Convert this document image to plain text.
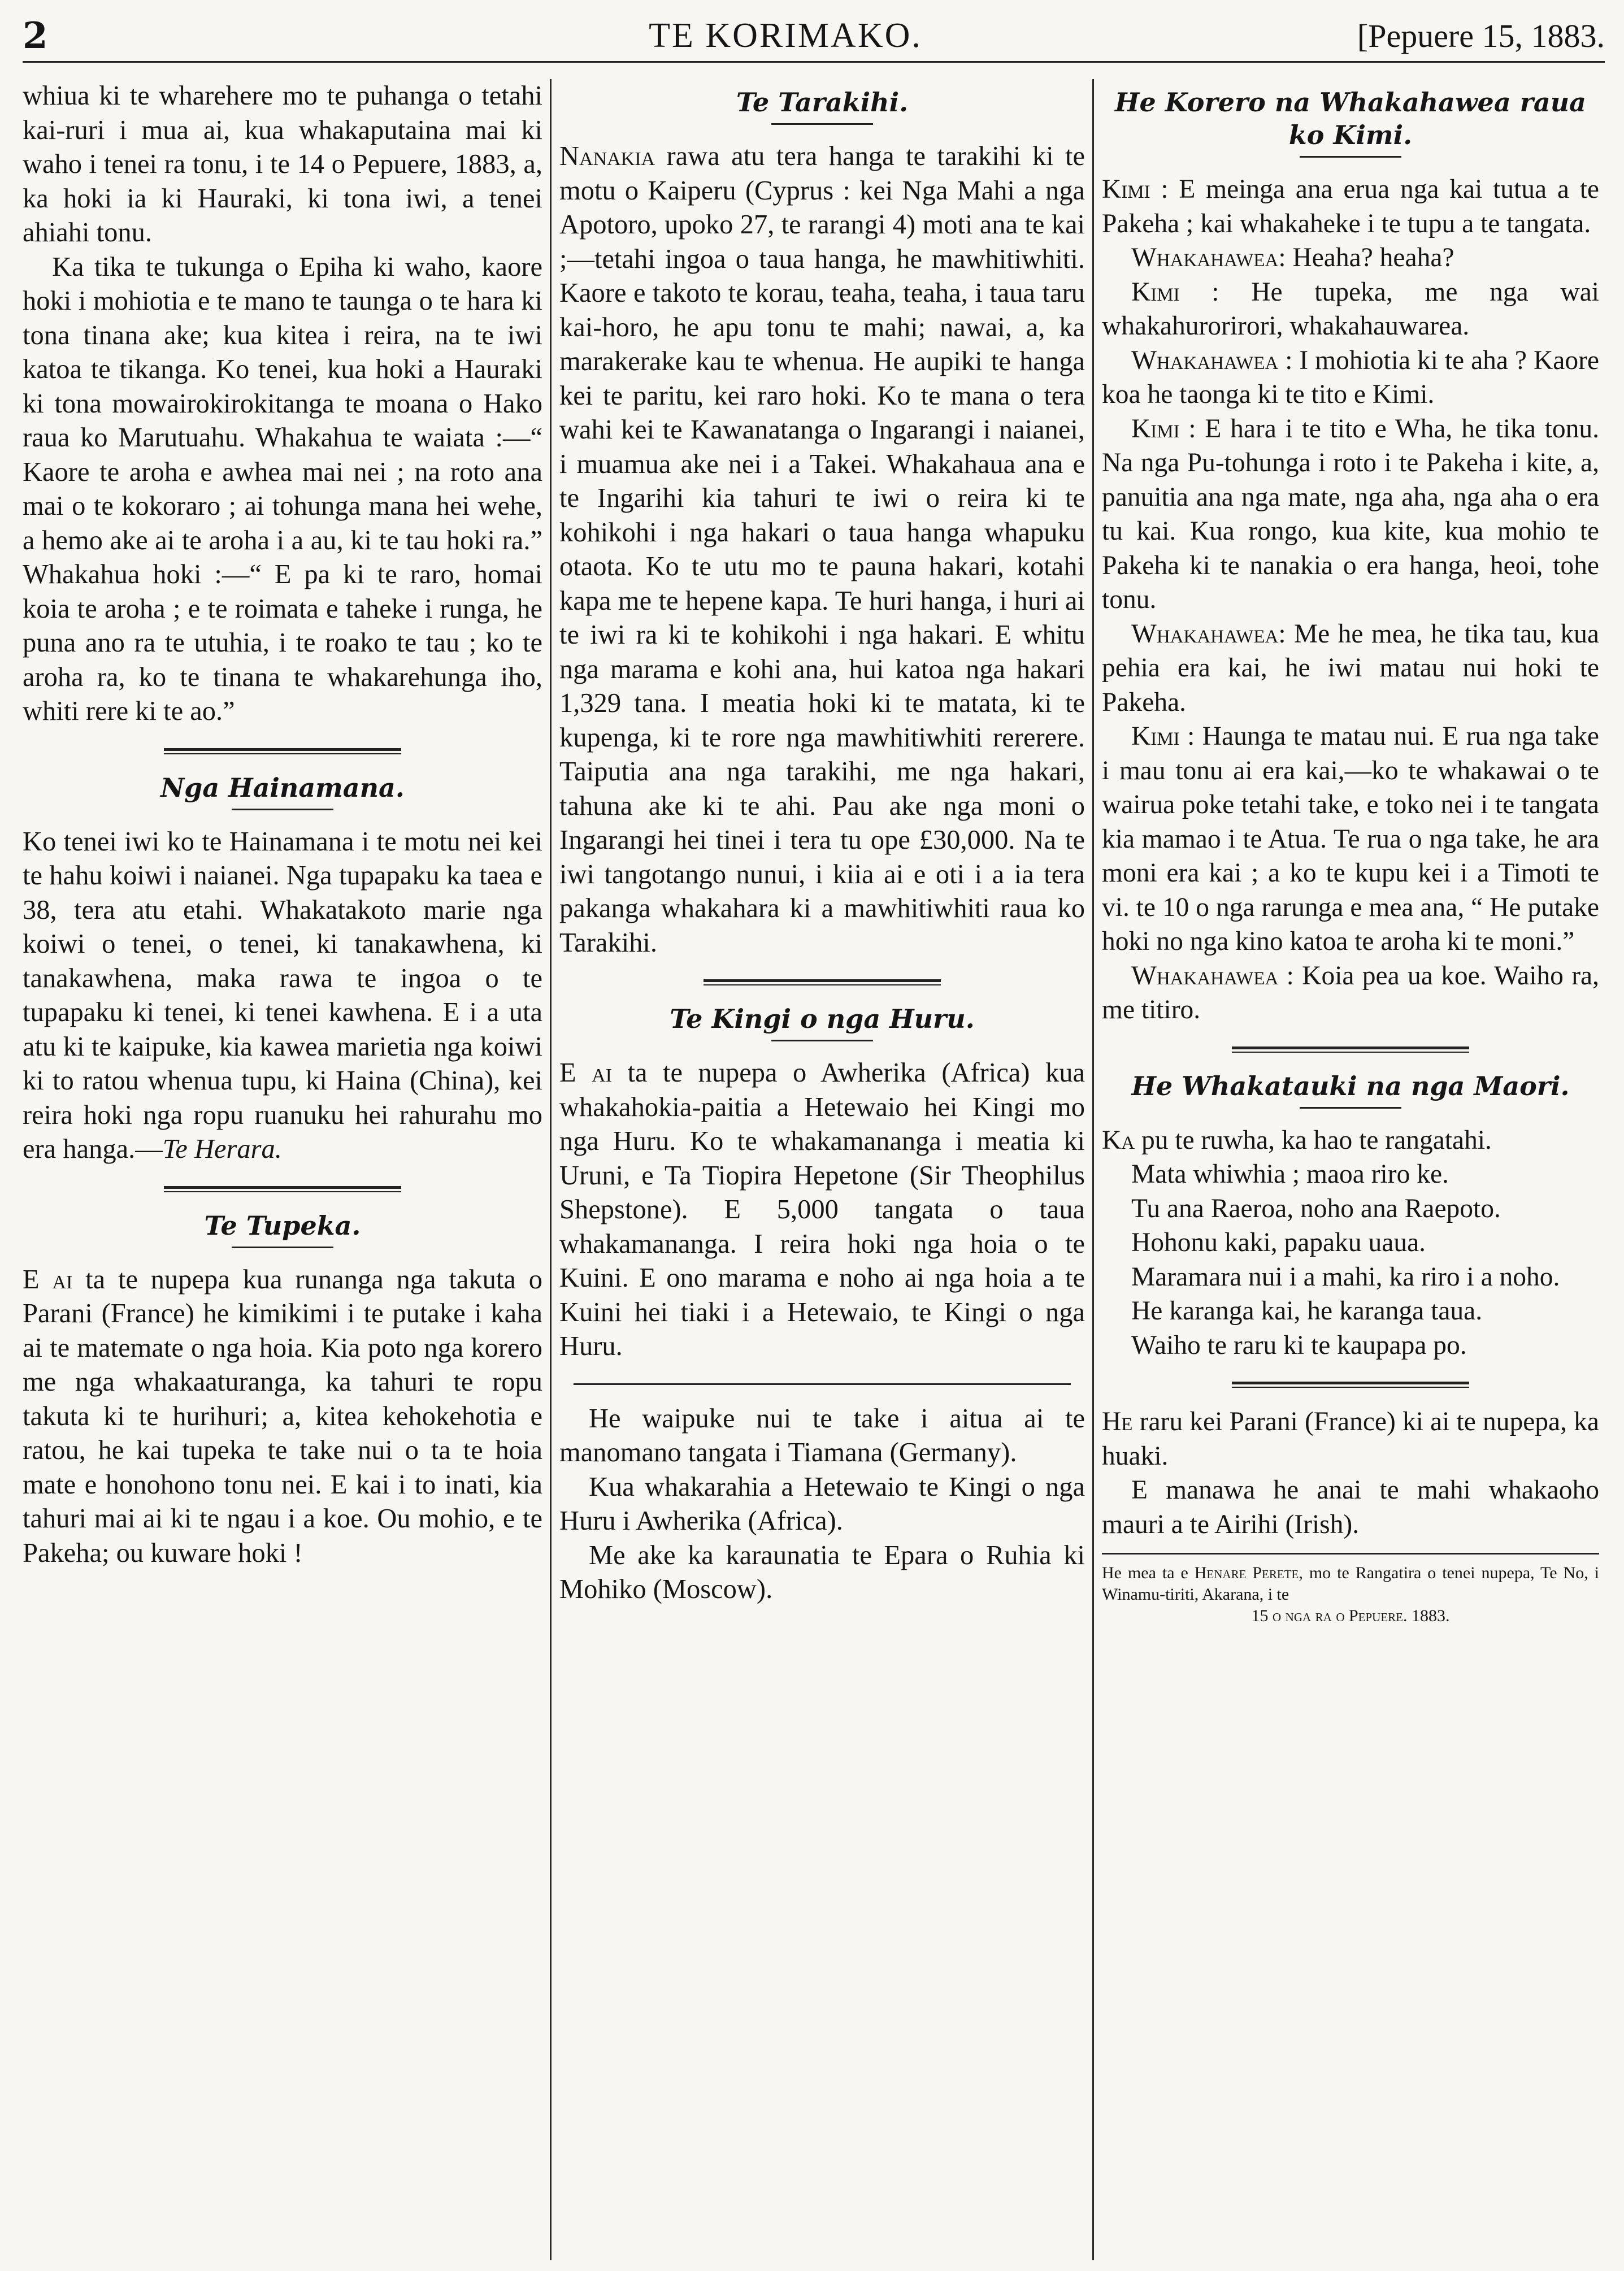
2	TE KORIMAKO.	[Pepuere 15, 1883.

whiua ki te wharehere mo te puhanga o tetahi kai-ruri i mua ai, kua whakaputaina mai ki waho i tenei ra tonu, i te 14 o Pepuere, 1883, a, ka hoki ia ki Hauraki, ki tona iwi, a tenei ahiahi tonu.

Ka tika te tukunga o Epiha ki waho, kaore hoki i mohiotia e te mano te taunga o te hara ki tona tinana ake; kua kitea i reira, na te iwi katoa te tikanga. Ko tenei, kua hoki a Hauraki ki tona mowairokirokitanga te moana o Hako raua ko Marutuahu. Whakahua te waiata :—“ Kaore te aroha e awhea mai nei ; na roto ana mai o te kokoraro ; ai tohunga mana hei wehe, a hemo ake ai te aroha i a au, ki te tau hoki ra.” Whakahua hoki :—“ E pa ki te raro, homai koia te aroha ; e te roimata e taheke i runga, he puna ano ra te utuhia, i te roako te tau ; ko te aroha ra, ko te tinana te whakarehunga iho, whiti rere ki te ao.”

Nga Hainamana.

Ko tenei iwi ko te Hainamana i te motu nei kei te hahu koiwi i naianei. Nga tupapaku ka taea e 38, tera atu etahi. Whakatakoto marie nga koiwi o tenei, o tenei, ki tanakawhena, ki tanakawhena, maka rawa te ingoa o te tupapaku ki tenei, ki tenei kawhena. E i a uta atu ki te kaipuke, kia kawea marietia nga koiwi ki to ratou whenua tupu, ki Haina (China), kei reira hoki nga ropu ruanuku hei rahurahu mo era hanga.—Te Herara.

Te Tupeka.

E ai ta te nupepa kua runanga nga takuta o Parani (France) he kimikimi i te putake i kaha ai te matemate o nga hoia. Kia poto nga korero me nga whakaaturanga, ka tahuri te ropu takuta ki te hurihuri; a, kitea kehokehotia e ratou, he kai tupeka te take nui o ta te hoia mate e honohono tonu nei. E kai i to inati, kia tahuri mai ai ki te ngau i a koe. Ou mohio, e te Pakeha; ou kuware hoki !

Te Tarakihi.

Nanakia rawa atu tera hanga te tarakihi ki te motu o Kaiperu (Cyprus : kei Nga Mahi a nga Apotoro, upoko 27, te rarangi 4) moti ana te kai ;—tetahi ingoa o taua hanga, he mawhitiwhiti. Kaore e takoto te korau, teaha, teaha, i taua taru kai-horo, he apu tonu te mahi; nawai, a, ka marakerake kau te whenua. He aupiki te hanga kei te paritu, kei raro hoki. Ko te mana o tera wahi kei te Kawanatanga o Ingarangi i naianei, i muamua ake nei i a Takei. Whakahaua ana e te Ingarihi kia tahuri te iwi o reira ki te kohikohi i nga hakari o taua hanga whapuku otaota. Ko te utu mo te pauna hakari, kotahi kapa me te hepene kapa. Te huri hanga, i huri ai te iwi ra ki te kohikohi i nga hakari. E whitu nga marama e kohi ana, hui katoa nga hakari 1,329 tana. I meatia hoki ki te matata, ki te kupenga, ki te rore nga mawhitiwhiti rererere. Taiputia ana nga tarakihi, me nga hakari, tahuna ake ki te ahi. Pau ake nga moni o Ingarangi hei tinei i tera tu ope £30,000. Na te iwi tangotango nunui, i kiia ai e oti i a ia tera pakanga whakahara ki a mawhitiwhiti raua ko Tarakihi.

Te Kingi o nga Huru.

E ai ta te nupepa o Awherika (Africa) kua whakahokia-paitia a Hetewaio hei Kingi mo nga Huru. Ko te whakamananga i meatia ki Uruni, e Ta Tiopira Hepetone (Sir Theophilus Shepstone). E 5,000 tangata o taua whakamananga. I reira hoki nga hoia o te Kuini. E ono marama e noho ai nga hoia a te Kuini hei tiaki i a Hetewaio, te Kingi o nga Huru.

He waipuke nui te take i aitua ai te manomano tangata i Tiamana (Germany).

Kua whakarahia a Hetewaio te Kingi o nga Huru i Awherika (Africa).

Me ake ka karaunatia te Epara o Ruhia ki Mohiko (Moscow).

He Korero na Whakahawea raua ko Kimi.

Kimi : E meinga ana erua nga kai tutua a te Pakeha ; kai whakaheke i te tupu a te tangata.

Whakahawea: Heaha? heaha?

Kimi : He tupeka, me nga wai whakahurorirori, whakahauwarea.

Whakahawea : I mohiotia ki te aha ? Kaore koa he taonga ki te tito e Kimi.

Kimi : E hara i te tito e Wha, he tika tonu. Na nga Pu-tohunga i roto i te Pakeha i kite, a, panuitia ana nga mate, nga aha, nga aha o era tu kai. Kua rongo, kua kite, kua mohio te Pakeha ki te nanakia o era hanga, heoi, tohe tonu.

Whakahawea: Me he mea, he tika tau, kua pehia era kai, he iwi matau nui hoki te Pakeha.

Kimi : Haunga te matau nui. E rua nga take i mau tonu ai era kai,—ko te whakawai o te wairua poke tetahi take, e toko nei i te tangata kia mamao i te Atua. Te rua o nga take, he ara moni era kai ; a ko te kupu kei i a Timoti te vi. te 10 o nga rarunga e mea ana, “ He putake hoki no nga kino katoa te aroha ki te moni.”

Whakahawea : Koia pea ua koe. Waiho ra, me titiro.

He Whakatauki na nga Maori.

Ka pu te ruwha, ka hao te rangatahi.

Mata whiwhia ; maoa riro ke.

Tu ana Raeroa, noho ana Raepoto.

Hohonu kaki, papaku uaua.

Maramara nui i a mahi, ka riro i a noho.

He karanga kai, he karanga taua.

Waiho te raru ki te kaupapa po.

He raru kei Parani (France) ki ai te nupepa, ka huaki.

E manawa he anai te mahi whakaoho mauri a te Airihi (Irish).

He mea ta e Henare Perete, mo te Rangatira o tenei nupepa, Te No, i Winamu-tiriti, Akarana, i te
15 o nga ra o Pepuere. 1883.
